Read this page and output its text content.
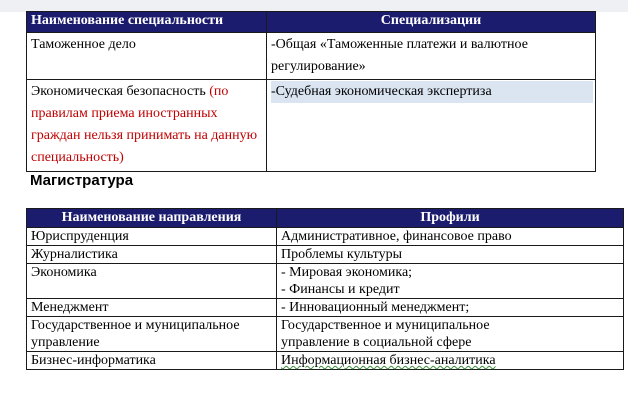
Наименование специальности	Специализации
Таможенное дело	-Общая «Таможенные платежи и валютное
регулирование»

Экономическая безопасность (по правилам приема иностранных граждан нельзя принимать на данную специальность)	-Судебная экономическая экспертиза
Магистратура
Наименование направления	Профили
Юриспруденция	Административное, финансовое право
Журналистика	Проблемы культуры
Экономика	- Мировая экономика;
- Финансы и кредит

Менеджмент	- Инновационный менеджмент;
Государственное и муниципальное управление	Государственное и муниципальное
управление в социальной сфере

Бизнес-информатика	Информационная бизнес-аналитика
